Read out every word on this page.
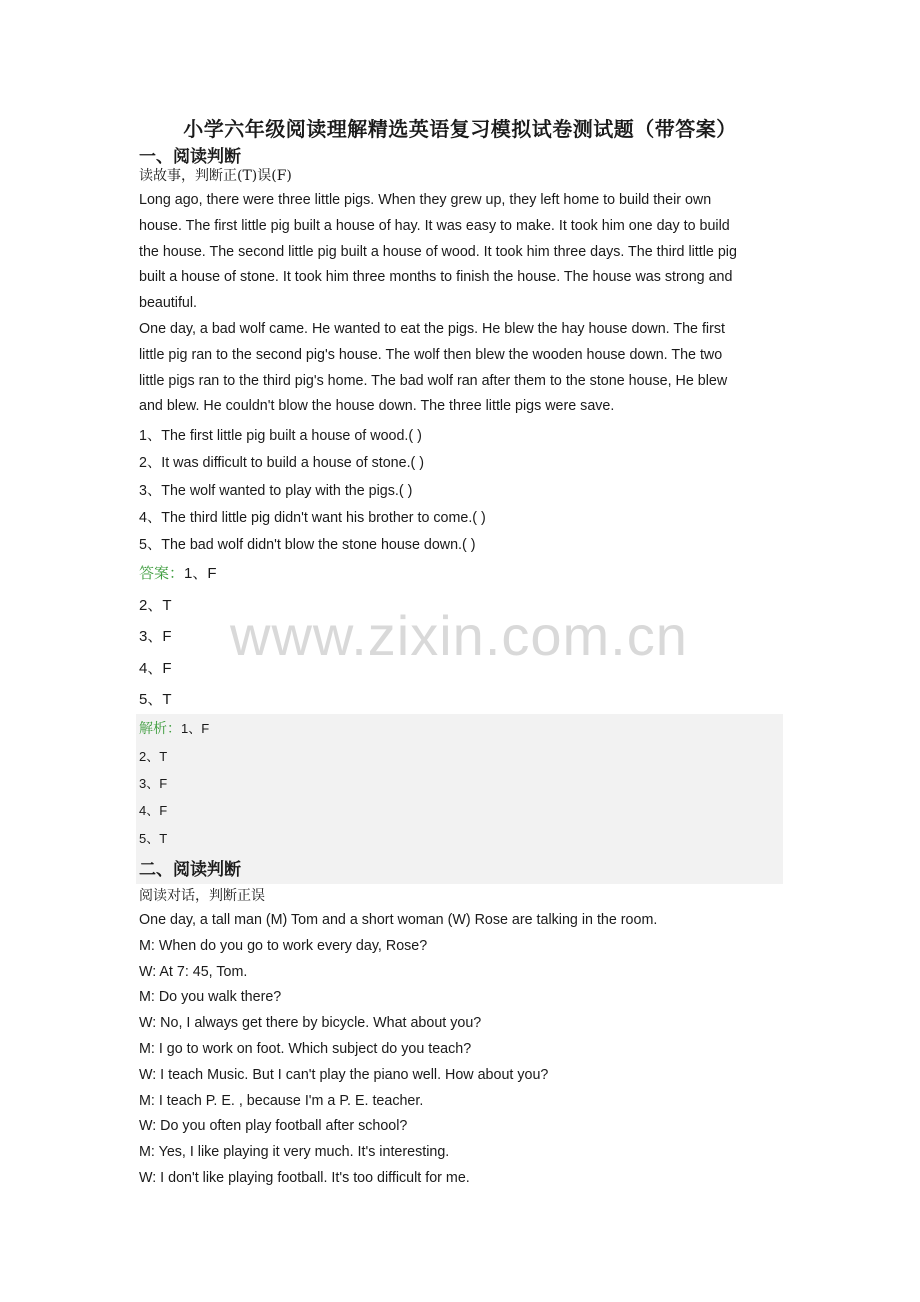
小学六年级阅读理解精选英语复习模拟试卷测试题（带答案）
一、阅读判断
读故事，判断正(T)误(F)
Long ago, there were three little pigs. When they grew up, they left home to build their own
house. The first little pig built a house of hay. It was easy to make. It took him one day to build
the house. The second little pig built a house of wood. It took him three days. The third little pig
built a house of stone. It took him three months to finish the house. The house was strong and
beautiful.
One day, a bad wolf came. He wanted to eat the pigs. He blew the hay house down. The first
little pig ran to the second pig's house. The wolf then blew the wooden house down. The two
little pigs ran to the third pig's home. The bad wolf ran after them to the stone house, He blew
and blew. He couldn't blow the house down. The three little pigs were save.
1、The first little pig built a house of wood.( )
2、It was difficult to build a house of stone.( )
3、The wolf wanted to play with the pigs.( )
4、The third little pig didn't want his brother to come.( )
5、The bad wolf didn't blow the stone house down.( )
答案：1、F
2、T
3、F
4、F
5、T
www.zixin.com.cn
解析：1、F
2、T
3、F
4、F
5、T
二、阅读判断
阅读对话，判断正误
One day, a tall man (M) Tom and a short woman (W) Rose are talking in the room.
M: When do you go to work every day, Rose?
W: At 7: 45, Tom.
M: Do you walk there?
W: No, I always get there by bicycle. What about you?
M: I go to work on foot. Which subject do you teach?
W: I teach Music. But I can't play the piano well. How about you?
M: I teach P. E. , because I'm a P. E. teacher.
W: Do you often play football after school?
M: Yes, I like playing it very much. It's interesting.
W: I don't like playing football. It's too difficult for me.
